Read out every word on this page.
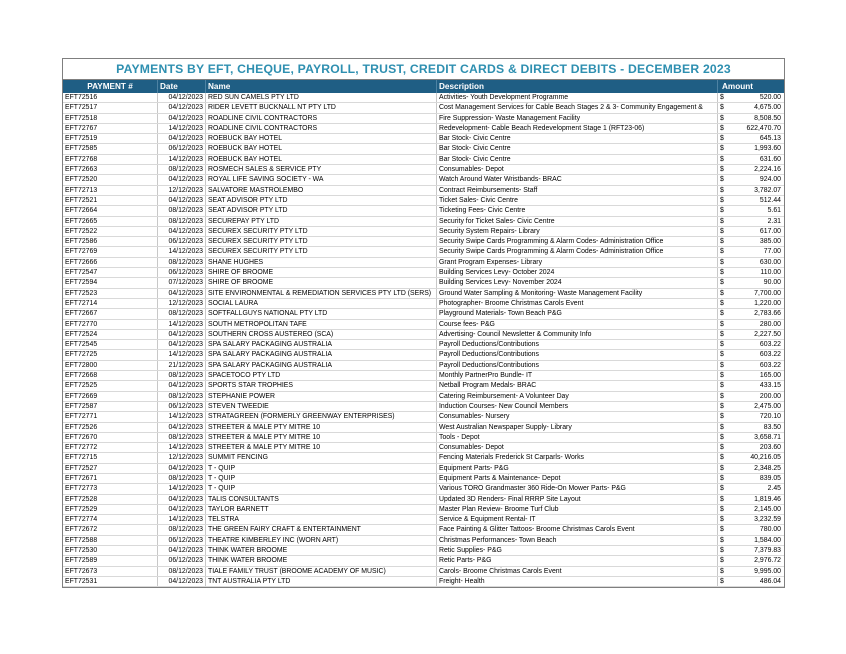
PAYMENTS BY EFT, CHEQUE, PAYROLL, TRUST, CREDIT CARDS & DIRECT DEBITS - DECEMBER 2023
PAYMENT #	Date	Name	Description	Amount
EFT72516	04/12/2023 RED SUN CAMELS PTY LTD	Activities- Youth Development Programme	$	520.00
EFT72517	04/12/2023 RIDER LEVETT BUCKNALL NT PTY LTD	Cost Management Services for Cable Beach Stages 2 & 3- Community Engagement &	$	4,675.00
EFT72518	04/12/2023 ROADLINE CIVIL CONTRACTORS	Fire Suppression- Waste Management Facility	$	8,508.50
EFT72767	14/12/2023 ROADLINE CIVIL CONTRACTORS	Redevelopment- Cable Beach Redevelopment Stage 1 (RFT23-06)	$	622,470.70
EFT72519	04/12/2023 ROEBUCK BAY HOTEL	Bar Stock- Civic Centre	$	645.13
EFT72585	06/12/2023 ROEBUCK BAY HOTEL	Bar Stock- Civic Centre	$	1,993.60
EFT72768	14/12/2023 ROEBUCK BAY HOTEL	Bar Stock- Civic Centre	$	631.60
EFT72663	08/12/2023 ROSMECH SALES & SERVICE PTY	Consumables- Depot	$	2,224.16
EFT72520	04/12/2023 ROYAL LIFE SAVING SOCIETY - WA	Watch Around Water Wristbands- BRAC	$	924.00
EFT72713	12/12/2023 SALVATORE MASTROLEMBO	Contract Reimbursements- Staff	$	3,782.07
EFT72521	04/12/2023 SEAT ADVISOR PTY LTD	Ticket Sales- Civic Centre	$	512.44
EFT72664	08/12/2023 SEAT ADVISOR PTY LTD	Ticketing Fees- Civic Centre	$	5.61
EFT72665	08/12/2023 SECUREPAY PTY LTD	Security for Ticket Sales- Civic Centre	$	2.31
EFT72522	04/12/2023 SECUREX SECURITY PTY LTD	Security System Repairs- Library	$	617.00
EFT72586	06/12/2023 SECUREX SECURITY PTY LTD	Security Swipe Cards Programming & Alarm Codes- Administration Office	$	385.00
EFT72769	14/12/2023 SECUREX SECURITY PTY LTD	Security Swipe Cards Programming & Alarm Codes- Administration Office	$	77.00
EFT72666	08/12/2023 SHANE HUGHES	Grant Program Expenses- Library	$	630.00
EFT72547	06/12/2023 SHIRE OF BROOME	Building Services Levy- October 2024	$	110.00
EFT72594	07/12/2023 SHIRE OF BROOME	Building Services Levy- November 2024	$	90.00
EFT72523	04/12/2023 SITE ENVIRONMENTAL & REMEDIATION SERVICES PTY LTD (SERS)	Ground Water Sampling & Monitoring- Waste Management Facility	$	7,700.00
EFT72714	12/12/2023 SOCIAL LAURA	Photographer- Broome Christmas Carols Event	$	1,220.00
EFT72667	08/12/2023 SOFTFALLGUYS NATIONAL PTY LTD	Playground Materials- Town Beach P&G	$	2,783.66
EFT72770	14/12/2023 SOUTH METROPOLITAN TAFE	Course fees- P&G	$	280.00
EFT72524	04/12/2023 SOUTHERN CROSS AUSTEREO (SCA)	Advertising- Council Newsletter & Community Info	$	2,227.50
EFT72545	04/12/2023 SPA SALARY PACKAGING AUSTRALIA	Payroll Deductions/Contributions	$	603.22
EFT72725	14/12/2023 SPA SALARY PACKAGING AUSTRALIA	Payroll Deductions/Contributions	$	603.22
EFT72800	21/12/2023 SPA SALARY PACKAGING AUSTRALIA	Payroll Deductions/Contributions	$	603.22
EFT72668	08/12/2023 SPACETOCO PTY LTD	Monthly PartnerPro Bundle- IT	$	165.00
EFT72525	04/12/2023 SPORTS STAR TROPHIES	Netball Program Medals- BRAC	$	433.15
EFT72669	08/12/2023 STEPHANIE POWER	Catering Reimbursement- A Volunteer Day	$	200.00
EFT72587	06/12/2023 STEVEN TWEEDIE	Induction Courses- New Council Members	$	2,475.00
EFT72771	14/12/2023 STRATAGREEN (FORMERLY GREENWAY ENTERPRISES)	Consumables- Nursery	$	720.10
EFT72526	04/12/2023 STREETER & MALE PTY MITRE 10	West Australian Newspaper Supply- Library	$	83.50
EFT72670	08/12/2023 STREETER & MALE PTY MITRE 10	Tools - Depot	$	3,658.71
EFT72772	14/12/2023 STREETER & MALE PTY MITRE 10	Consumables- Depot	$	203.60
EFT72715	12/12/2023 SUMMIT FENCING	Fencing Materials Frederick St Carparls- Works	$	40,216.05
EFT72527	04/12/2023 T - QUIP	Equipment Parts- P&G	$	2,348.25
EFT72671	08/12/2023 T - QUIP	Equipment Parts & Maintenance- Depot	$	839.05
EFT72773	14/12/2023 T - QUIP	Various TORO Grandmaster 360 Ride-On Mower Parts- P&G	$	2.45
EFT72528	04/12/2023 TALIS CONSULTANTS	Updated 3D Renders- Final RRRP Site Layout	$	1,819.46
EFT72529	04/12/2023 TAYLOR BARNETT	Master Plan Review- Broome Turf Club	$	2,145.00
EFT72774	14/12/2023 TELSTRA	Service & Equipment Rental- IT	$	3,232.59
EFT72672	08/12/2023 THE GREEN FAIRY CRAFT & ENTERTAINMENT	Face Painting & Glitter Tattoos- Broome Christmas Carols Event	$	780.00
EFT72588	06/12/2023 THEATRE KIMBERLEY INC (WORN ART)	Christmas Performances- Town Beach	$	1,584.00
EFT72530	04/12/2023 THINK WATER BROOME	Retic Supplies- P&G	$	7,379.83
EFT72589	06/12/2023 THINK WATER BROOME	Retic Parts- P&G	$	2,976.72
EFT72673	08/12/2023 TIALE FAMILY TRUST (BROOME ACADEMY OF MUSIC)	Carols- Broome Christmas Carols Event	$	9,995.00
EFT72531	04/12/2023 TNT AUSTRALIA PTY LTD	Freight- Health	$	486.04
